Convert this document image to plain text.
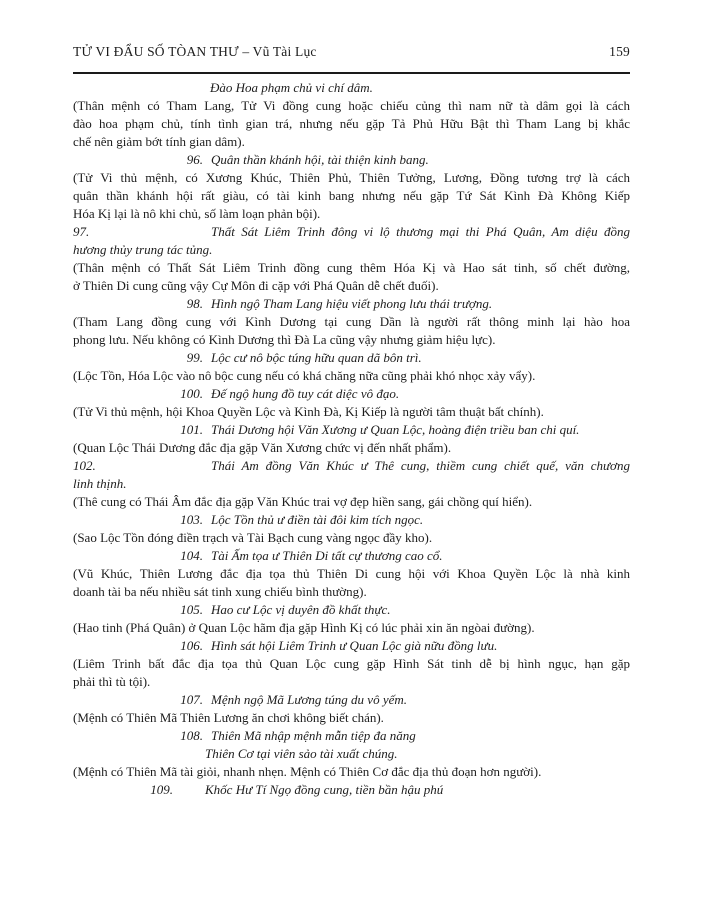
TỬ VI ĐẨU SỐ TÒAN THƯ – Vũ Tài Lục	159
Đào Hoa phạm chủ vi chí dâm.
(Thân mệnh có Tham Lang, Tử Vi đồng cung hoặc chiếu củng thì nam nữ tà dâm gọi là cách
đào hoa phạm chủ, tính tình gian trá, nhưng nếu gặp Tả Phủ Hữu Bật thì Tham Lang bị khắc
chế nên giảm bớt tính gian dâm).
96. Quân thần khánh hội, tài thiện kinh bang.
(Tử Vi thủ mệnh, có Xương Khúc, Thiên Phủ, Thiên Tưởng, Lương, Đồng tương trợ là cách
quân thần khánh hội rất giàu, có tài kinh bang nhưng nếu gặp Tứ Sát Kình Đà Không Kiếp
Hóa Kị lại là nô khi chủ, số làm loạn phản bội).
97.	Thất Sát Liêm Trinh đông vi lộ thương mại thi Phá Quân, Am diệu đồng
hương thủy trung tác tủng.
(Thân mệnh có Thất Sát Liêm Trinh đồng cung thêm Hóa Kị và Hao sát tinh, số chết đường,
ở Thiên Di cung cũng vậy Cự Môn đi cặp với Phá Quân dễ chết đuối).
98. Hình ngộ Tham Lang hiệu viết phong lưu thái trượng.
(Tham Lang đồng cung với Kình Dương tại cung Dần là người rất thông minh lại hào hoa
phong lưu. Nếu không có Kình Dương thì Đà La cũng vậy nhưng giảm hiệu lực).
99. Lộc cư nô bộc túng hữu quan dã bôn trì.
(Lộc Tồn, Hóa Lộc vào nô bộc cung nếu có khá chăng nữa cũng phải khó nhọc xảy vẩy).
100. Đế ngộ hung đồ tuy cát diệc vô đạo.
(Tử Vi thủ mệnh, hội Khoa Quyền Lộc và Kình Đà, Kị Kiếp là người tâm thuật bất chính).
101. Thái Dương hội Văn Xương ư Quan Lộc, hoàng điện triều ban chi quí.
(Quan Lộc Thái Dương đắc địa gặp Văn Xương chức vị đến nhất phẩm).
102.	Thái Am đồng Văn Khúc ư Thê cung, thiềm cung chiết quế, văn chương
linh thịnh.
(Thê cung có Thái Âm đắc địa gặp Văn Khúc trai vợ đẹp hiền sang, gái chồng quí hiển).
103. Lộc Tồn thủ ư điền tài đôi kim tích ngọc.
(Sao Lộc Tồn đóng điền trạch và Tài Bạch cung vàng ngọc đầy kho).
104. Tài Ấm tọa ư Thiên Di tất cự thương cao cổ.
(Vũ Khúc, Thiên Lương đắc địa tọa thủ Thiên Di cung hội với Khoa Quyền Lộc là nhà kinh
doanh tài ba nếu nhiều sát tinh xung chiếu bình thường).
105. Hao cư Lộc vị duyên đồ khất thực.
(Hao tinh (Phá Quân) ở Quan Lộc hãm địa gặp Hình Kị có lúc phải xin ăn ngòai đường).
106. Hình sát hội Liêm Trinh ư Quan Lộc già nữu đồng lưu.
(Liêm Trinh bất đắc địa tọa thủ Quan Lộc cung gặp Hình Sát tinh dễ bị hình ngục, hạn gặp
phải thì tù tội).
107. Mệnh ngộ Mã Lương túng du vô yếm.
(Mệnh có Thiên Mã Thiên Lương ăn chơi không biết chán).
108. Thiên Mã nhập mệnh mẫn tiệp đa năng
Thiên Cơ tại viên sảo tài xuất chúng.
(Mệnh có Thiên Mã tài giỏi, nhanh nhẹn. Mệnh có Thiên Cơ đắc địa thủ đoạn hơn người).
109. Khốc Hư Tí Ngọ đồng cung, tiền bần hậu phú
